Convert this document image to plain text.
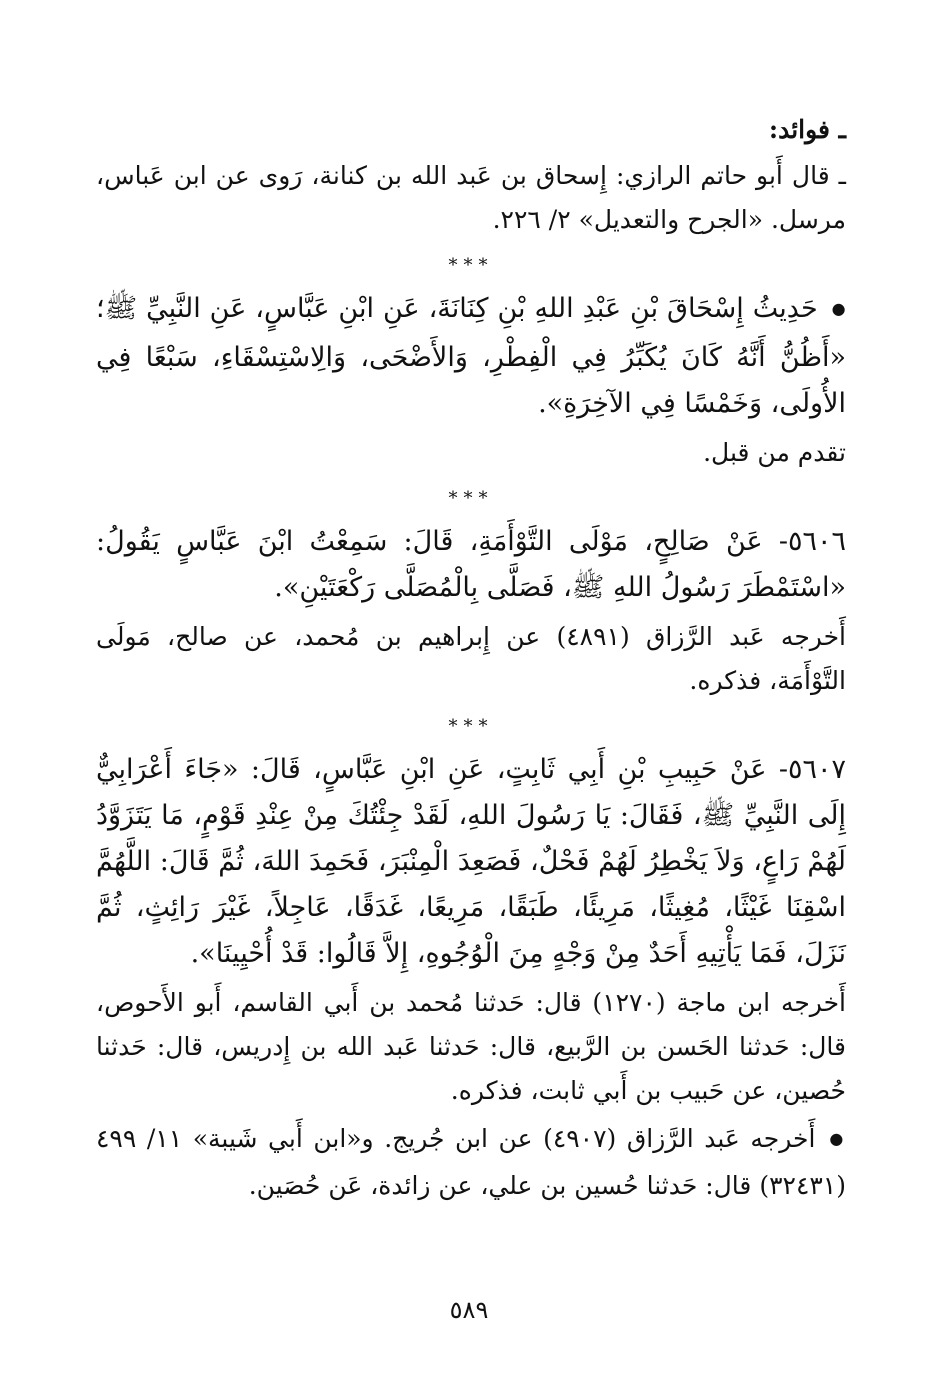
ـ فوائد:

ـ قال أَبو حاتم الرازي: إِسحاق بن عَبد الله بن كنانة، رَوى عن ابن عَباس، مرسل. «الجرح والتعديل» ٢/ ٢٢٦.

***

● حَدِيثُ إِسْحَاقَ بْنِ عَبْدِ اللهِ بْنِ كِنَانَةَ، عَنِ ابْنِ عَبَّاسٍ، عَنِ النَّبِيِّ ﷺ؛ «أَظُنُّ أَنَّهُ كَانَ يُكَبِّرُ فِي الْفِطْرِ، وَالأَضْحَى، وَالِاسْتِسْقَاءِ، سَبْعًا فِي الأُولَى، وَخَمْسًا فِي الآخِرَةِ».

تقدم من قبل.

***

٥٦٠٦- عَنْ صَالِحٍ، مَوْلَى التَّوْأَمَةِ، قَالَ: سَمِعْتُ ابْنَ عَبَّاسٍ يَقُولُ: «اسْتَمْطَرَ رَسُولُ اللهِ ﷺ، فَصَلَّى بِالْمُصَلَّى رَكْعَتَيْنِ».

أَخرجه عَبد الرَّزاق (٤٨٩١) عن إِبراهيم بن مُحمد، عن صالح، مَولَى التَّوْأَمَة، فذكره.

***

٥٦٠٧- عَنْ حَبِيبِ بْنِ أَبِي ثَابِتٍ، عَنِ ابْنِ عَبَّاسٍ، قَالَ: «جَاءَ أَعْرَابِيٌّ إِلَى النَّبِيِّ ﷺ، فَقَالَ: يَا رَسُولَ اللهِ، لَقَدْ جِئْتُكَ مِنْ عِنْدِ قَوْمٍ، مَا يَتَزَوَّدُ لَهُمْ رَاعٍ، وَلاَ يَخْطِرُ لَهُمْ فَحْلٌ، فَصَعِدَ الْمِنْبَرَ، فَحَمِدَ اللهَ، ثُمَّ قَالَ: اللَّهُمَّ اسْقِنَا غَيْثًا، مُغِيثًا، مَرِيئًا، طَبَقًا، مَرِيعًا، غَدَقًا، عَاجِلاً، غَيْرَ رَائِثٍ، ثُمَّ نَزَلَ، فَمَا يَأْتِيهِ أَحَدٌ مِنْ وَجْهٍ مِنَ الْوُجُوهِ، إِلاَّ قَالُوا: قَدْ أُحْيِينَا».

أَخرجه ابن ماجة (١٢٧٠) قال: حَدثنا مُحمد بن أَبي القاسم، أَبو الأَحوص، قال: حَدثنا الحَسن بن الرَّبيع، قال: حَدثنا عَبد الله بن إِدريس، قال: حَدثنا حُصين، عن حَبيب بن أَبي ثابت، فذكره.

● أَخرجه عَبد الرَّزاق (٤٩٠٧) عن ابن جُريج. و«ابن أَبي شَيبة» ١١/ ٤٩٩ (٣٢٤٣١) قال: حَدثنا حُسين بن علي، عن زائدة، عَن حُصَين.

٥٨٩
